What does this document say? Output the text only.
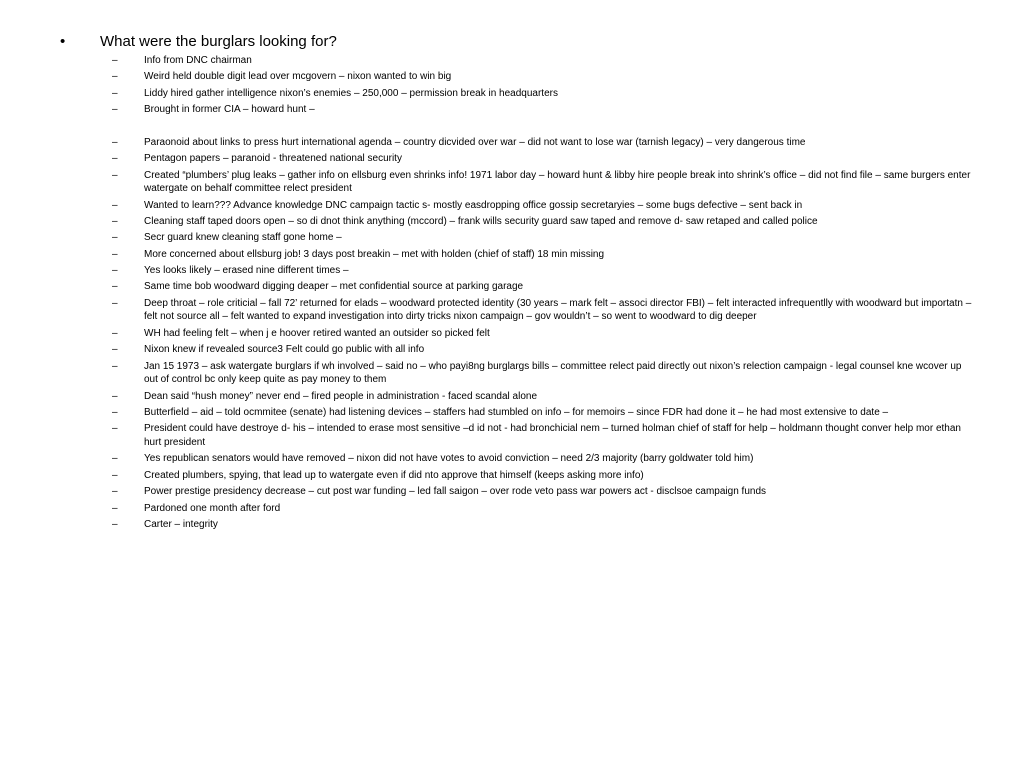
•	What were the burglars looking for?
–	Info from DNC chairman
–	Weird held double digit lead over mcgovern – nixon wanted to win big
–	Liddy hired gather intelligence nixon’s enemies – 250,000 – permission break in headquarters
–	Brought in former CIA – howard hunt –
–	Paraonoid about links to press hurt international agenda – country dicvided over war – did not want to lose war (tarnish legacy) – very dangerous time
–	Pentagon papers – paranoid - threatened national security
–	Created “plumbers’ plug leaks – gather info on ellsburg even shrinks info! 1971 labor day – howard hunt & libby hire people break into shrink’s office – did not find file – same burgers enter watergate on behalf committee relect president
–	Wanted to learn??? Advance knowledge DNC campaign tactic s- mostly easdropping office gossip secretaryies – some bugs defective – sent back in
–	Cleaning staff taped doors open – so di dnot think anything (mccord) – frank wills security guard saw taped and remove d- saw retaped and called police
–	Secr guard knew cleaning staff gone home –
–	More concerned about ellsburg job! 3 days post breakin – met with holden (chief of staff) 18 min missing
–	Yes looks likely – erased nine different times –
–	Same time bob woodward digging deaper – met confidential source at parking garage
–	Deep throat – role criticial – fall 72’ returned for elads – woodward protected identity (30 years – mark felt – associ director FBI) – felt interacted infrequentlly with woodward but importatn – felt not source all – felt wanted to expand investigation into dirty tricks nixon campaign – gov wouldn’t – so went to woodward to dig deeper
–	WH had feeling felt – when j e hoover retired wanted an outsider so picked felt
–	Nixon knew if revealed source3 Felt could go public with all info
–	Jan 15 1973 – ask watergate burglars if wh involved – said no – who payi8ng burglargs bills – committee relect paid directly out nixon’s relection campaign - legal counsel kne wcover up out of control bc only keep quite as pay money to them
–	Dean said “hush money” never end – fired people in administration - faced scandal alone
–	Butterfield – aid – told ocmmitee (senate) had listening devices – staffers had stumbled on info – for memoirs – since FDR had done it – he had most extensive to date –
–	President could have destroye d- his – intended to erase most sensitive –d id not - had bronchicial nem – turned holman chief of staff for help – holdmann thought conver help mor ethan hurt president
–	Yes republican senators would have removed – nixon did not have votes to avoid conviction – need 2/3 majority (barry goldwater told him)
–	Created plumbers, spying, that lead up to watergate even if did nto approve that himself (keeps asking more info)
–	Power prestige presidency decrease – cut post war funding – led fall saigon – over rode veto pass war powers act - disclsoe campaign funds
–	Pardoned one month after ford
–	Carter – integrity
